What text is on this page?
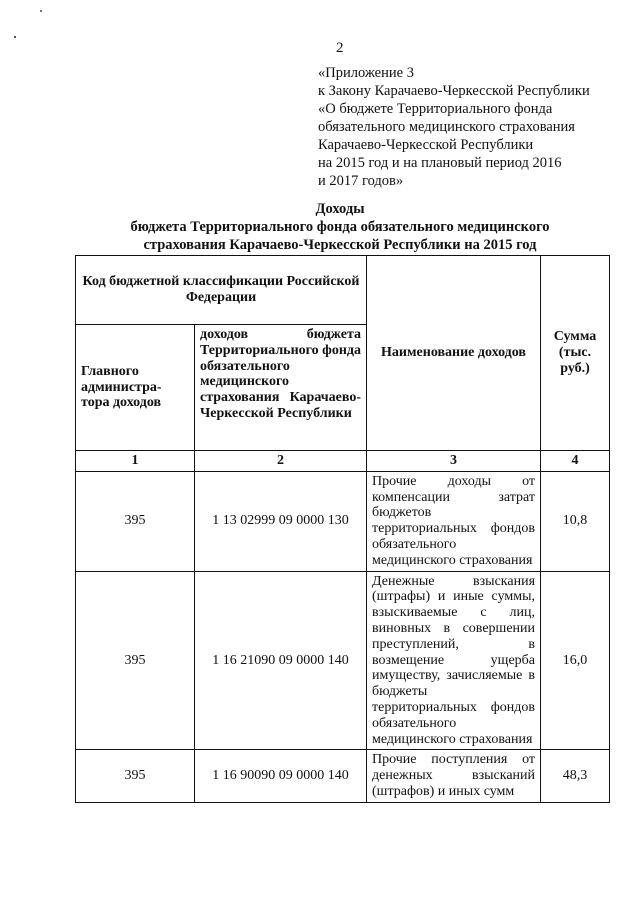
2
«Приложение 3
к Закону Карачаево-Черкесской Республики
«О бюджете Территориального фонда
обязательного медицинского страхования
Карачаево-Черкесской Республики
на 2015 год и на плановый период 2016
и 2017 годов»
Доходы
бюджета Территориального фонда обязательного медицинского
страхования Карачаево-Черкесской Республики на 2015 год
Код бюджетной классификации Российской Федерации		Наименование доходов	Сумма (тыс. руб.)
Главного администра-тора доходов	доходов бюджета Территориального фонда обязательного медицинского страхования Карачаево-Черкесской Республики		
1	2	3	4
395	1 13 02999 09 0000 130	Прочие доходы от компенсации затрат бюджетов территориальных фондов обязательного медицинского страхования	10,8
395	1 16 21090 09 0000 140	Денежные взыскания (штрафы) и иные суммы, взыскиваемые с лиц, виновных в совершении преступлений, в возмещение ущерба имуществу, зачисляемые в бюджеты территориальных фондов обязательного медицинского страхования	16,0
395	1 16 90090 09 0000 140	Прочие поступления от денежных взысканий (штрафов) и иных сумм	48,3
